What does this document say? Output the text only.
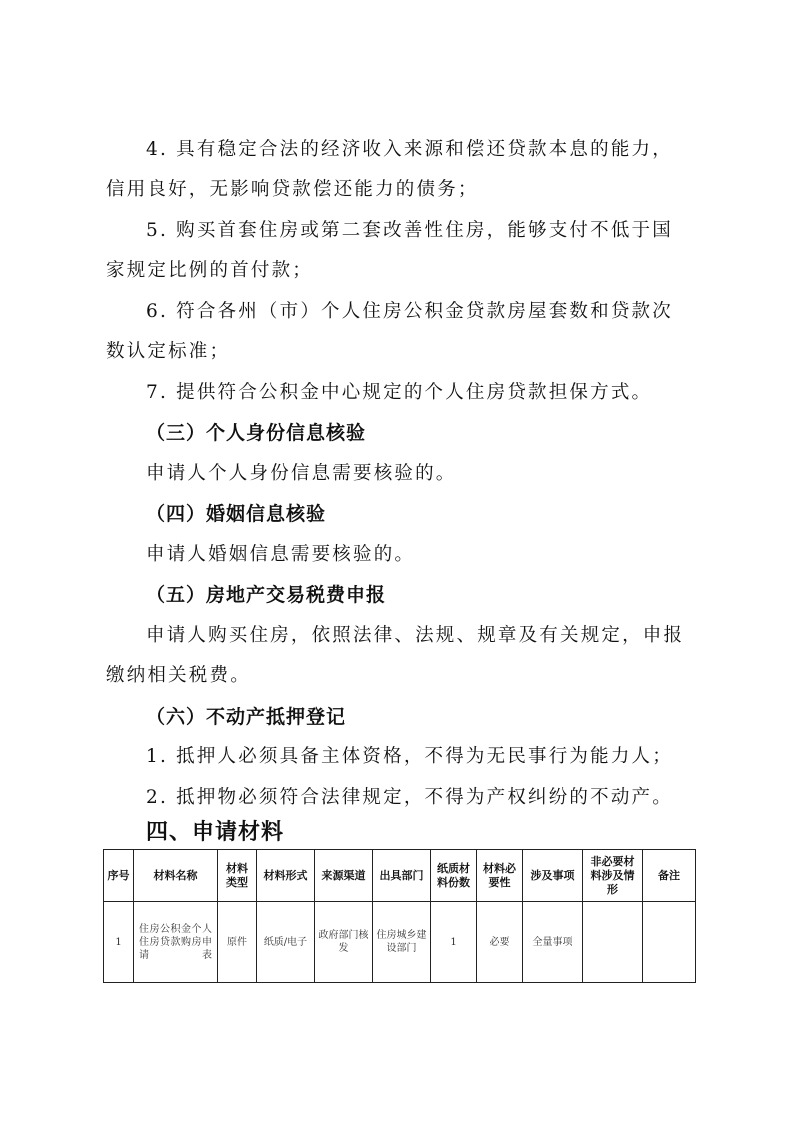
4. 具有稳定合法的经济收入来源和偿还贷款本息的能力，
信用良好，无影响贷款偿还能力的债务；
5. 购买首套住房或第二套改善性住房，能够支付不低于国
家规定比例的首付款；
6. 符合各州（市）个人住房公积金贷款房屋套数和贷款次
数认定标准；
7. 提供符合公积金中心规定的个人住房贷款担保方式。
（三）个人身份信息核验
申请人个人身份信息需要核验的。
（四）婚姻信息核验
申请人婚姻信息需要核验的。
（五）房地产交易税费申报
申请人购买住房，依照法律、法规、规章及有关规定，申报
缴纳相关税费。
（六）不动产抵押登记
1. 抵押人必须具备主体资格，不得为无民事行为能力人；
2. 抵押物必须符合法律规定，不得为产权纠纷的不动产。
四、申请材料
序号	材料名称	材料类型	材料形式	来源渠道	出具部门	纸质材料份数	材料必要性	涉及事项	非必要材料涉及情形	备注
1	住房公积金个人住房贷款购房申请表	原件	纸质/电子	政府部门核发	住房城乡建设部门	1	必要	全量事项		
